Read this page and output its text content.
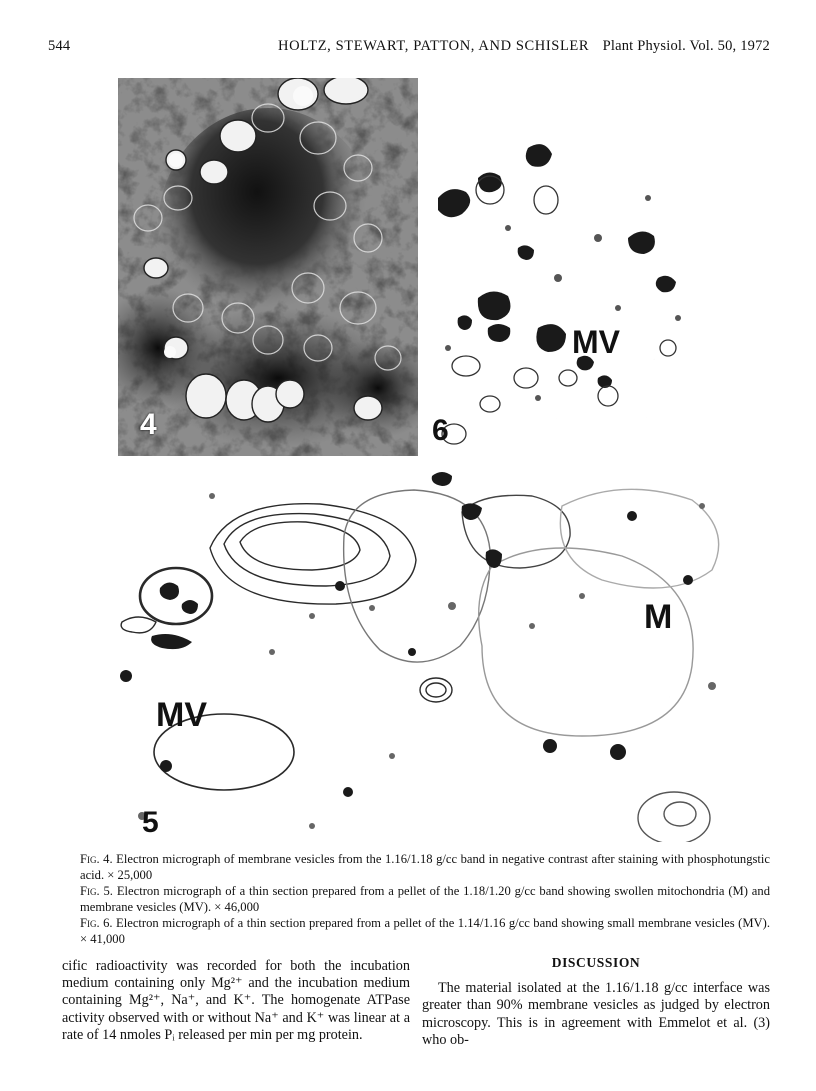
544	HOLTZ, STEWART, PATTON, AND SCHISLER Plant Physiol. Vol. 50, 1972
4	6
MV
5
M
MV

Fig. 4. Electron micrograph of membrane vesicles from the 1.16/1.18 g/cc band in negative contrast after staining with phosphotungstic acid. × 25,000

Fig. 5. Electron micrograph of a thin section prepared from a pellet of the 1.18/1.20 g/cc band showing swollen mitochondria (M) and membrane vesicles (MV). × 46,000

Fig. 6. Electron micrograph of a thin section prepared from a pellet of the 1.14/1.16 g/cc band showing small membrane vesicles (MV). × 41,000

cific radioactivity was recorded for both the incubation medium containing only Mg²⁺ and the incubation medium containing Mg²⁺, Na⁺, and K⁺. The homogenate ATPase activity observed with or without Na⁺ and K⁺ was linear at a rate of 14 nmoles Pᵢ released per min per mg protein.

DISCUSSION

The material isolated at the 1.16/1.18 g/cc interface was greater than 90% membrane vesicles as judged by electron microscopy. This is in agreement with Emmelot et al. (3) who ob-
